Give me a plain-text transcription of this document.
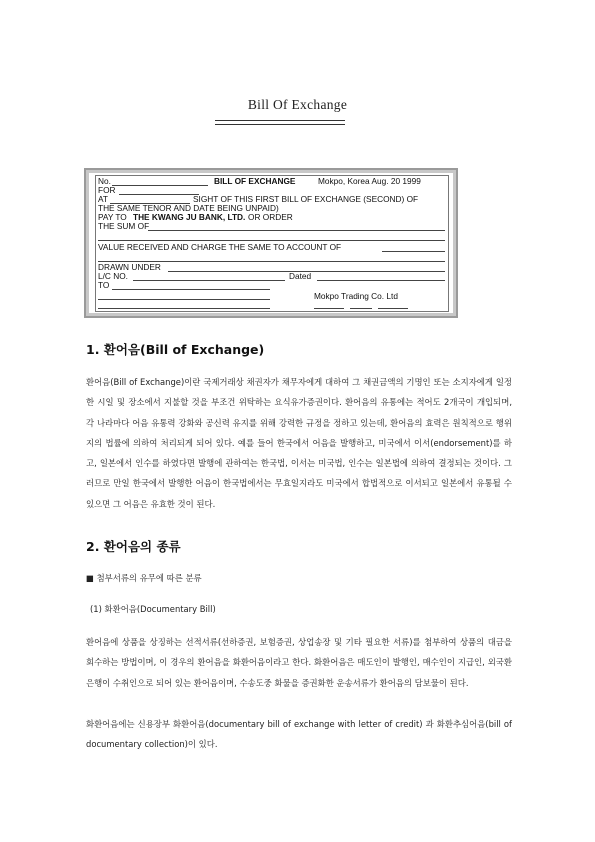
Bill Of Exchange
No.	BILL OF EXCHANGE	Mokpo, Korea Aug. 20 1999
FOR
AT	SIGHT OF THIS FIRST BILL OF EXCHANGE (SECOND) OF
THE SAME TENOR AND DATE BEING UNPAID)
PAY TO THE KWANG JU BANK, LTD. OR ORDER
THE SUM OF
VALUE RECEIVED AND CHARGE THE SAME TO ACCOUNT OF
DRAWN UNDER
L/C NO.	Dated
TO
Mokpo Trading Co. Ltd
1. 환어음(Bill of Exchange)
환어음(Bill of Exchange)이란 국제거래상 채권자가 채무자에게 대하여 그 채권금액의 기명인 또는 소지자에게 일정한 시일 및 장소에서 지불할 것을 부조건 위탁하는 요식유가증권이다. 환어음의 유통에는 적어도 2개국이 개입되며, 각 나라마다 어음 유통력 강화와 공신력 유지를 위해 강력한 규정을 정하고 있는데, 환어음의 효력은 원칙적으로 행위지의 법률에 의하여 처리되게 되어 있다. 예를 들어 한국에서 어음을 발행하고, 미국에서 이서(endorsement)를 하고, 일본에서 인수를 하였다면 발행에 관하여는 한국법, 이서는 미국법, 인수는 일본법에 의하여 결정되는 것이다. 그러므로 만일 한국에서 발행한 어음이 한국법에서는 무효일지라도 미국에서 합법적으로 이서되고 일본에서 유통될 수 있으면 그 어음은 유효한 것이 된다.
2. 환어음의 종류
■ 첨부서류의 유무에 따른 분류
(1) 화환어음(Documentary Bill)
환어음에 상품을 상징하는 선적서류(선하증권, 보험증권, 상업송장 및 기타 필요한 서류)를 첨부하여 상품의 대금을 회수하는 방법이며, 이 경우의 환어음을 화환어음이라고 한다. 화환어음은 매도인이 발행인, 매수인이 지급인, 외국환은행이 수취인으로 되어 있는 환어음이며, 수송도중 화물을 증권화한 운송서류가 환어음의 담보물이 된다.
화환어음에는 신용장부 화환어음(documentary bill of exchange with letter of credit) 과 화환추심어음(bill of documentary collection)이 있다.
